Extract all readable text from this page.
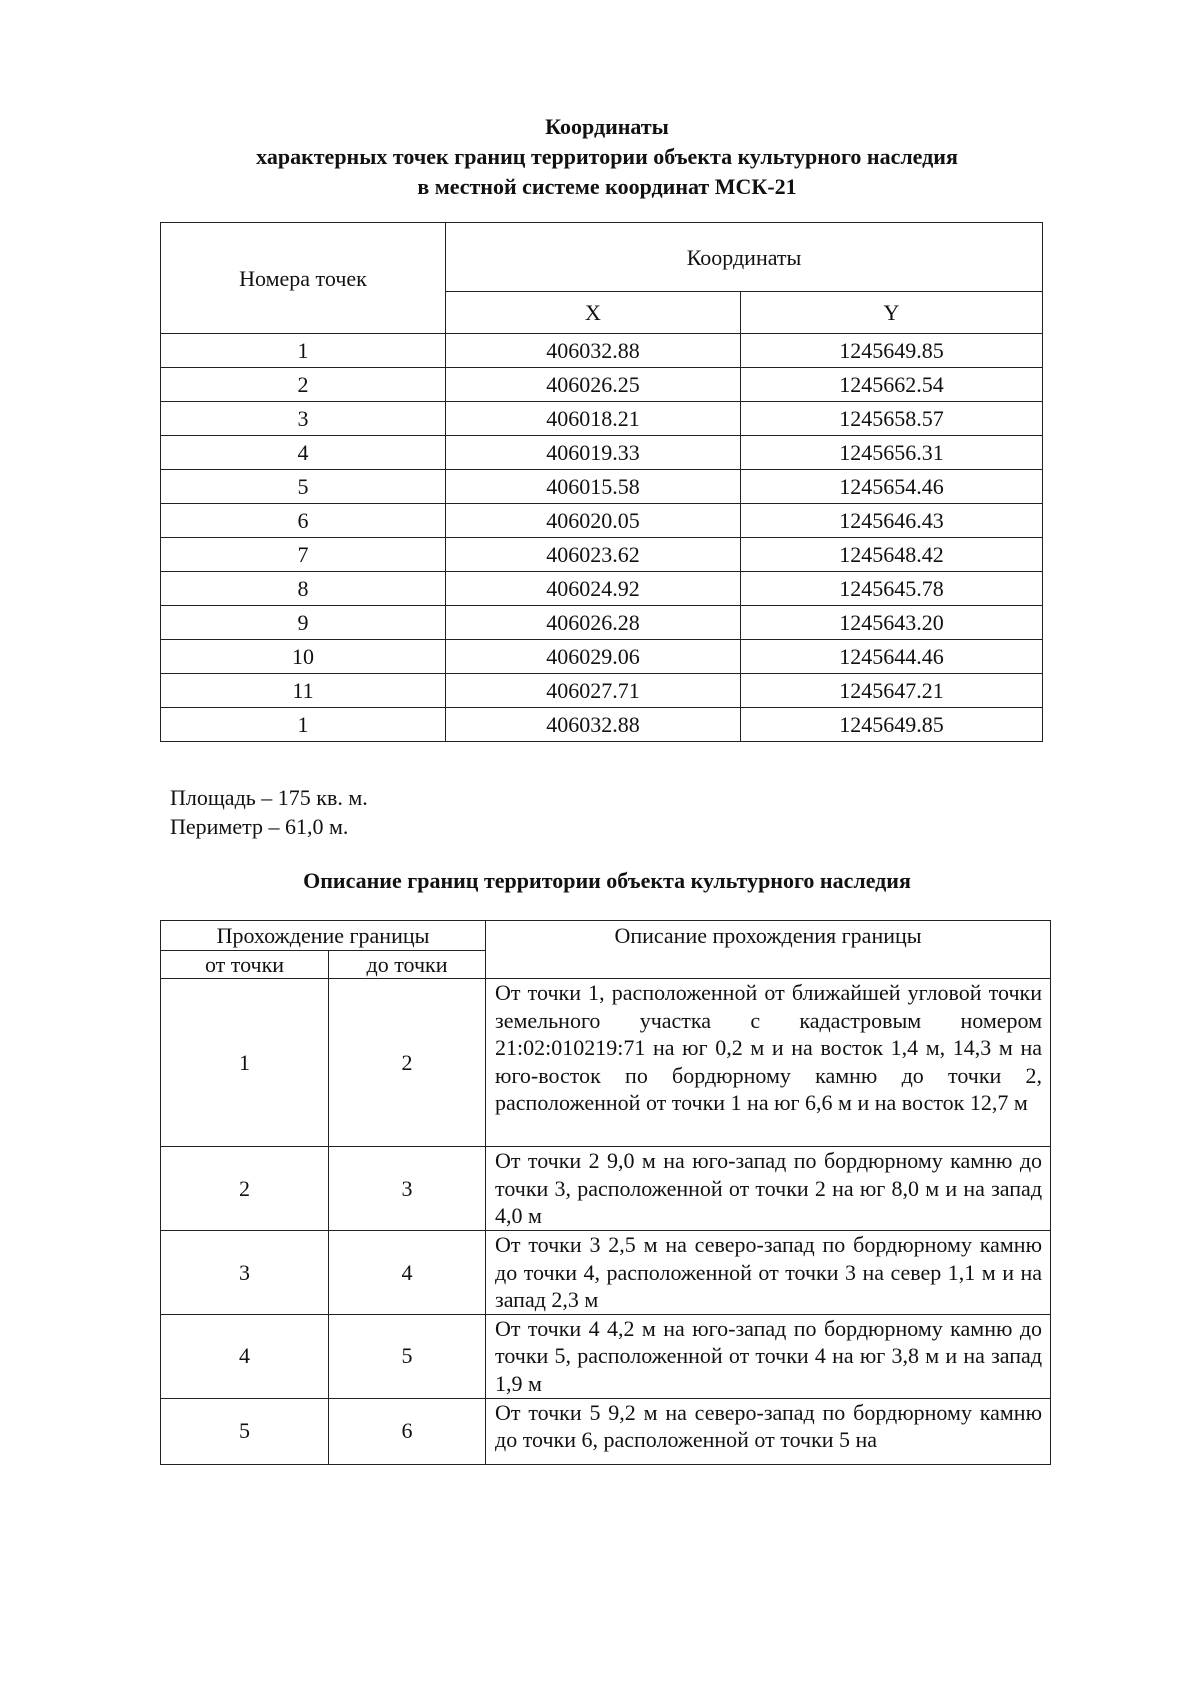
Координаты
характерных точек границ территории объекта культурного наследия
в местной системе координат МСК-21
Номера точек	Координаты	
	X	Y
1	406032.88	1245649.85
2	406026.25	1245662.54
3	406018.21	1245658.57
4	406019.33	1245656.31
5	406015.58	1245654.46
6	406020.05	1245646.43
7	406023.62	1245648.42
8	406024.92	1245645.78
9	406026.28	1245643.20
10	406029.06	1245644.46
11	406027.71	1245647.21
1	406032.88	1245649.85
Площадь – 175 кв. м.
Периметр – 61,0 м.
Описание границ территории объекта культурного наследия
Прохождение границы		Описание прохождения границы
от точки	до точки	
1	2	От точки 1, расположенной от ближайшей угловой точки земельного участка с кадастровым номером 21:02:010219:71 на юг 0,2 м и на восток 1,4 м, 14,3 м на юго-восток по бордюрному камню до точки 2, расположенной от точки 1 на юг 6,6 м и на восток 12,7 м

2	3	От точки 2 9,0 м на юго-запад по бордюрному камню до точки 3, расположенной от точки 2 на юг 8,0 м и на запад 4,0 м

3	4	От точки 3 2,5 м на северо-запад по бордюрному камню до точки 4, расположенной от точки 3 на север 1,1 м и на запад 2,3 м

4	5	От точки 4 4,2 м на юго-запад по бордюрному камню до точки 5, расположенной от точки 4 на юг 3,8 м и на запад 1,9 м

5	6	От точки 5 9,2 м на северо-запад по бордюрному камню до точки 6, расположенной от точки 5 на
